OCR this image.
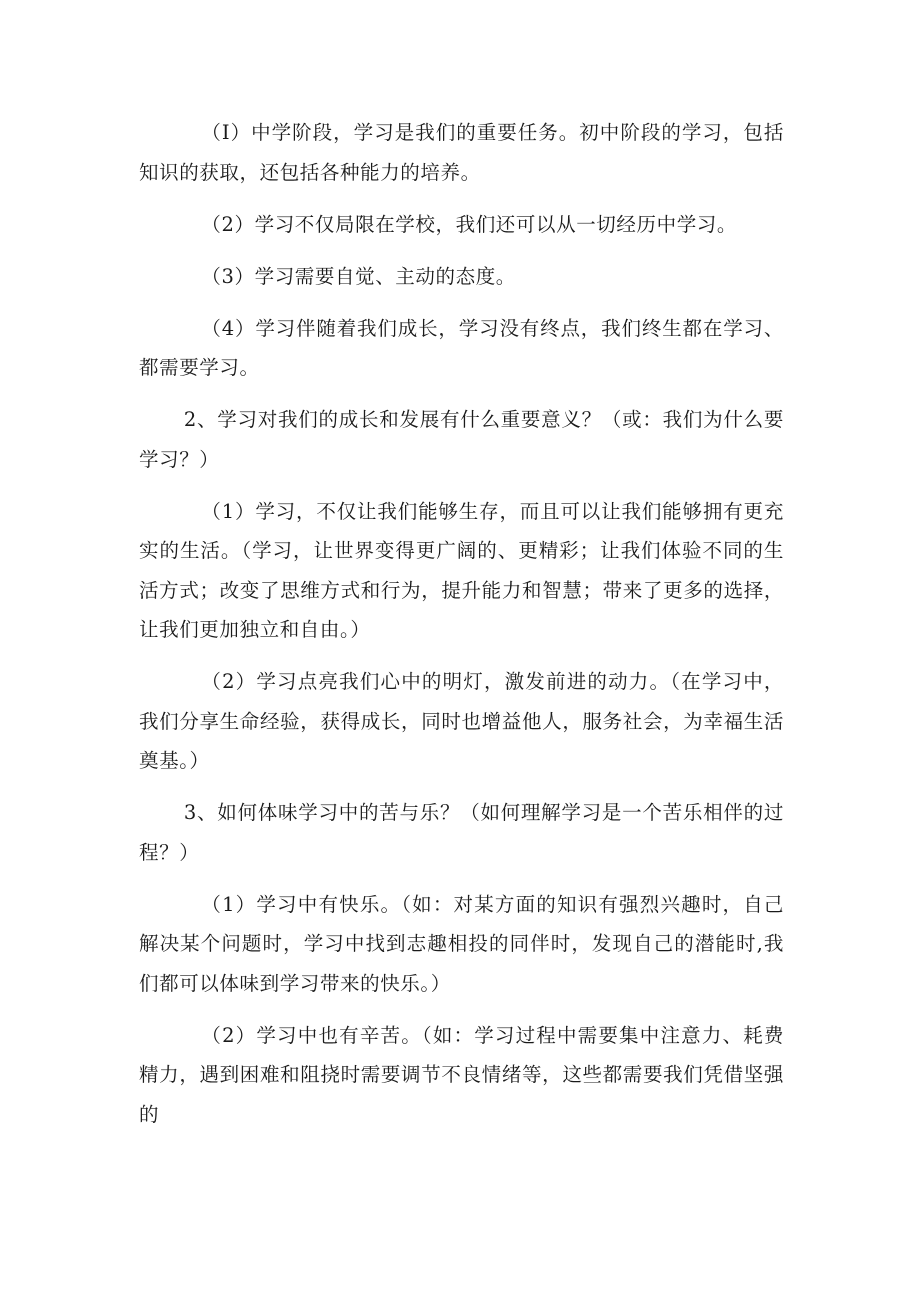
（I）中学阶段，学习是我们的重要任务。初中阶段的学习，包括知识的获取，还包括各种能力的培养。

（2）学习不仅局限在学校，我们还可以从一切经历中学习。

（3）学习需要自觉、主动的态度。

（4）学习伴随着我们成长，学习没有终点，我们终生都在学习、都需要学习。

2、学习对我们的成长和发展有什么重要意义？（或：我们为什么要学习？）

（1）学习，不仅让我们能够生存，而且可以让我们能够拥有更充实的生活。（学习，让世界变得更广阔的、更精彩；让我们体验不同的生活方式；改变了思维方式和行为，提升能力和智慧；带来了更多的选择，让我们更加独立和自由。）

（2）学习点亮我们心中的明灯，激发前进的动力。（在学习中，我们分享生命经验，获得成长，同时也增益他人，服务社会，为幸福生活奠基。）

3、如何体味学习中的苦与乐？（如何理解学习是一个苦乐相伴的过程？）

（1）学习中有快乐。（如：对某方面的知识有强烈兴趣时，自己解决某个问题时，学习中找到志趣相投的同伴时，发现自己的潜能时,我们都可以体味到学习带来的快乐。）

（2）学习中也有辛苦。（如：学习过程中需要集中注意力、耗费精力，遇到困难和阻挠时需要调节不良情绪等，这些都需要我们凭借坚强的
